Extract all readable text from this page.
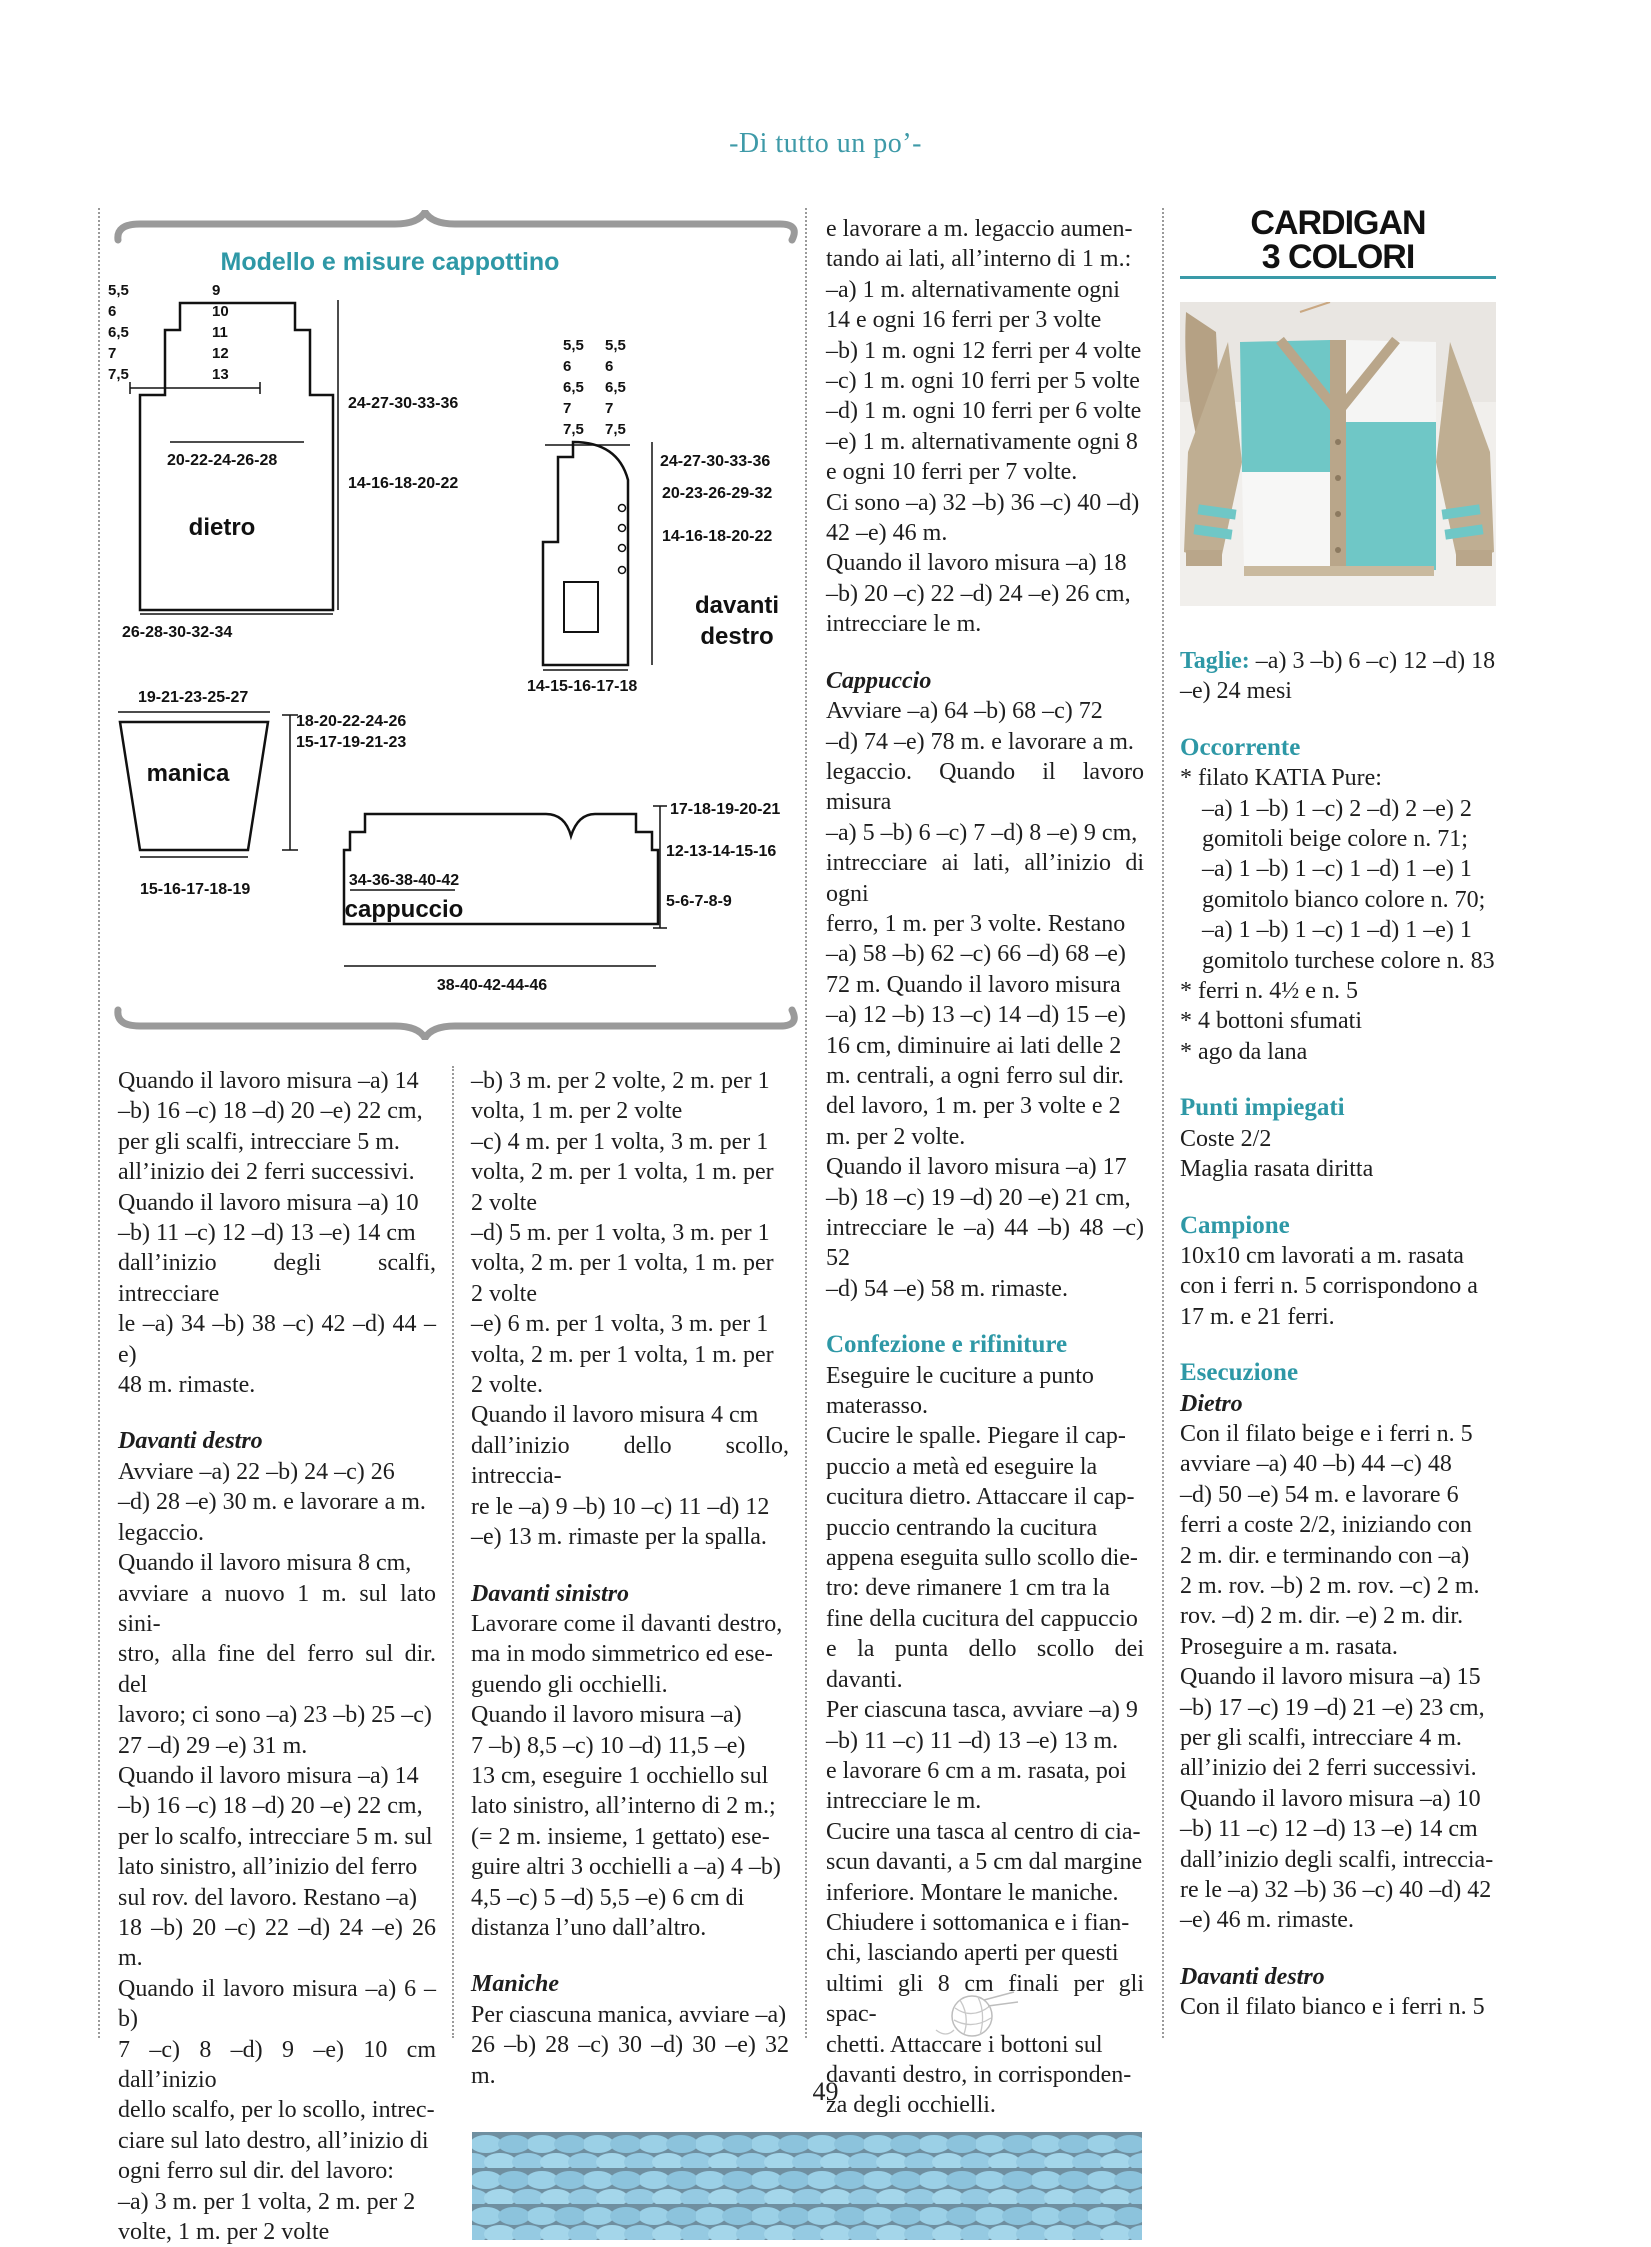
-Di tutto un po’-
Modello e misure cappottino
5,5 6 6,5 7 7,5
9 10 11 12 13
24-27-30-33-36
14-16-18-20-22
20-22-24-26-28
dietro
26-28-30-32-34
5,5 6 6,5 7 7,5
5,5 6 6,5 7 7,5
24-27-30-33-36
20-23-26-29-32
14-16-18-20-22
davanti
destro
14-15-16-17-18
19-21-23-25-27
manica
18-20-22-24-26
15-17-19-21-23
15-16-17-18-19
34-36-38-40-42
cappuccio
38-40-42-44-46
17-18-19-20-21
12-13-14-15-16
5-6-7-8-9

Quando il lavoro misura –a) 14

–b) 16 –c) 18 –d) 20 –e) 22 cm,

per gli scalfi, intrecciare 5 m.

all’inizio dei 2 ferri successivi.

Quando il lavoro misura –a) 10

–b) 11 –c) 12 –d) 13 –e) 14 cm

dall’inizio degli scalfi, intrecciare

le –a) 34 –b) 38 –c) 42 –d) 44 –e)

48 m. rimaste.

Davanti destro

Avviare –a) 22 –b) 24 –c) 26

–d) 28 –e) 30 m. e lavorare a m.

legaccio.

Quando il lavoro misura 8 cm,

avviare a nuovo 1 m. sul lato sini-

stro, alla fine del ferro sul dir. del

lavoro; ci sono –a) 23 –b) 25 –c)

27 –d) 29 –e) 31 m.

Quando il lavoro misura –a) 14

–b) 16 –c) 18 –d) 20 –e) 22 cm,

per lo scalfo, intrecciare 5 m. sul

lato sinistro, all’inizio del ferro

sul rov. del lavoro. Restano –a)

18 –b) 20 –c) 22 –d) 24 –e) 26 m.

Quando il lavoro misura –a) 6 –b)

7 –c) 8 –d) 9 –e) 10 cm dall’inizio

dello scalfo, per lo scollo, intrec-

ciare sul lato destro, all’inizio di

ogni ferro sul dir. del lavoro:

–a) 3 m. per 1 volta, 2 m. per 2

volte, 1 m. per 2 volte

–b) 3 m. per 2 volte, 2 m. per 1

volta, 1 m. per 2 volte

–c) 4 m. per 1 volta, 3 m. per 1

volta, 2 m. per 1 volta, 1 m. per

2 volte

–d) 5 m. per 1 volta, 3 m. per 1

volta, 2 m. per 1 volta, 1 m. per

2 volte

–e) 6 m. per 1 volta, 3 m. per 1

volta, 2 m. per 1 volta, 1 m. per

2 volte.

Quando il lavoro misura 4 cm

dall’inizio dello scollo, intreccia-

re le –a) 9 –b) 10 –c) 11 –d) 12

–e) 13 m. rimaste per la spalla.

Davanti sinistro

Lavorare come il davanti destro,

ma in modo simmetrico ed ese-

guendo gli occhielli.

Quando il lavoro misura –a)

7 –b) 8,5 –c) 10 –d) 11,5 –e)

13 cm, eseguire 1 occhiello sul

lato sinistro, all’interno di 2 m.;

(= 2 m. insieme, 1 gettato) ese-

guire altri 3 occhielli a –a) 4 –b)

4,5 –c) 5 –d) 5,5 –e) 6 cm di

distanza l’uno dall’altro.

Maniche

Per ciascuna manica, avviare –a)

26 –b) 28 –c) 30 –d) 30 –e) 32 m.

e lavorare a m. legaccio aumen-

tando ai lati, all’interno di 1 m.:

–a) 1 m. alternativamente ogni

14 e ogni 16 ferri per 3 volte

–b) 1 m. ogni 12 ferri per 4 volte

–c) 1 m. ogni 10 ferri per 5 volte

–d) 1 m. ogni 10 ferri per 6 volte

–e) 1 m. alternativamente ogni 8

e ogni 10 ferri per 7 volte.

Ci sono –a) 32 –b) 36 –c) 40 –d)

42 –e) 46 m.

Quando il lavoro misura –a) 18

–b) 20 –c) 22 –d) 24 –e) 26 cm,

intrecciare le m.

Cappuccio

Avviare –a) 64 –b) 68 –c) 72

–d) 74 –e) 78 m. e lavorare a m.

legaccio. Quando il lavoro misura

–a) 5 –b) 6 –c) 7 –d) 8 –e) 9 cm,

intrecciare ai lati, all’inizio di ogni

ferro, 1 m. per 3 volte. Restano

–a) 58 –b) 62 –c) 66 –d) 68 –e)

72 m. Quando il lavoro misura

–a) 12 –b) 13 –c) 14 –d) 15 –e)

16 cm, diminuire ai lati delle 2

m. centrali, a ogni ferro sul dir.

del lavoro, 1 m. per 3 volte e 2

m. per 2 volte.

Quando il lavoro misura –a) 17

–b) 18 –c) 19 –d) 20 –e) 21 cm,

intrecciare le –a) 44 –b) 48 –c) 52

–d) 54 –e) 58 m. rimaste.

Confezione e rifiniture

Eseguire le cuciture a punto

materasso.

Cucire le spalle. Piegare il cap-

puccio a metà ed eseguire la

cucitura dietro. Attaccare il cap-

puccio centrando la cucitura

appena eseguita sullo scollo die-

tro: deve rimanere 1 cm tra la

fine della cucitura del cappuccio

e la punta dello scollo dei davanti.

Per ciascuna tasca, avviare –a) 9

–b) 11 –c) 11 –d) 13 –e) 13 m.

e lavorare 6 cm a m. rasata, poi

intrecciare le m.

Cucire una tasca al centro di cia-

scun davanti, a 5 cm dal margine

inferiore. Montare le maniche.

Chiudere i sottomanica e i fian-

chi, lasciando aperti per questi

ultimi gli 8 cm finali per gli spac-

chetti. Attaccare i bottoni sul

davanti destro, in corrisponden-

za degli occhielli.

CARDIGAN
3 COLORI

Taglie: –a) 3 –b) 6 –c) 12 –d) 18

–e) 24 mesi

Occorrente

* filato KATIA Pure:

–a) 1 –b) 1 –c) 2 –d) 2 –e) 2

gomitoli beige colore n. 71;

–a) 1 –b) 1 –c) 1 –d) 1 –e) 1

gomitolo bianco colore n. 70;

–a) 1 –b) 1 –c) 1 –d) 1 –e) 1

gomitolo turchese colore n. 83

* ferri n. 4½ e n. 5

* 4 bottoni sfumati

* ago da lana

Punti impiegati

Coste 2/2

Maglia rasata diritta

Campione

10x10 cm lavorati a m. rasata

con i ferri n. 5 corrispondono a

17 m. e 21 ferri.

Esecuzione

Dietro

Con il filato beige e i ferri n. 5

avviare –a) 40 –b) 44 –c) 48

–d) 50 –e) 54 m. e lavorare 6

ferri a coste 2/2, iniziando con

2 m. dir. e terminando con –a)

2 m. rov. –b) 2 m. rov. –c) 2 m.

rov. –d) 2 m. dir. –e) 2 m. dir.

Proseguire a m. rasata.

Quando il lavoro misura –a) 15

–b) 17 –c) 19 –d) 21 –e) 23 cm,

per gli scalfi, intrecciare 4 m.

all’inizio dei 2 ferri successivi.

Quando il lavoro misura –a) 10

–b) 11 –c) 12 –d) 13 –e) 14 cm

dall’inizio degli scalfi, intreccia-

re le –a) 32 –b) 36 –c) 40 –d) 42

–e) 46 m. rimaste.

Davanti destro

Con il filato bianco e i ferri n. 5

49
